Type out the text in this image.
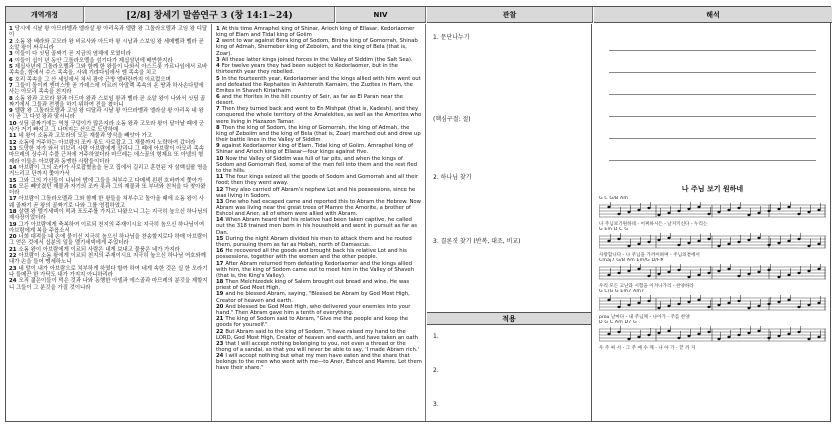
개역개정	[2/8] 창세기 말씀연구 3 (창 14:1~24)	NIV	관찰	해석
1 당시에 시날 왕 아므라벨과 엘라살 왕 아리옥과 엘람 왕 그돌라오멜과 고임 왕 디달이
2 소돔 왕 베라와 고모라 왕 비르사와 아드마 왕 시납과 스보임 왕 세메벨과 벨라 곧 소알 왕이 싸우니라
3 이들이 다 싯딤 골짜기 곧 지금의 염해에 모였더라
4 이들이 십이 년 동안 그돌라오멜을 섬기다가 제십삼년에 배반한지라
5 제십사년에 그돌라오멜과 그와 함께 한 왕들이 나와서 아스드롯 가르나임에서 르바 족속을, 함에서 수스 족속을, 사웨 기랴다임에서 엠 족속을 치고
6 호리 족속을 그 산 세일에서 쳐서 광야 근방 엘바란까지 이르렀으며
7 그들이 돌이켜 엔미스밧 곧 가데스에 이르러 아말렉 족속의 온 땅과 하사손다말에 사는 아모리 족속을 친지라
8 소돔 왕과 고모라 왕과 아드마 왕과 스보임 왕과 벨라 곧 소알 왕이 나와서 싯딤 골짜기에서 그들과 전쟁을 하기 위하여 진을 쳤더니
9 엘람 왕 그돌라오멜과 고임 왕 디달과 시날 왕 아므라벨과 엘라살 왕 아리옥 네 왕이 곧 그 다섯 왕과 맞서니라
10 싯딤 골짜기에는 역청 구덩이가 많은지라 소돔 왕과 고모라 왕이 달아날 때에 군사가 거기 빠지고 그 나머지는 산으로 도망하매
11 네 왕이 소돔과 고모라의 모든 재물과 양식을 빼앗아 가고
12 소돔에 거주하는 아브람의 조카 롯도 사로잡고 그 재물까지 노략하여 갔더라
13 도망한 자가 와서 히브리 사람 아브람에게 알리니 그 때에 아브람이 아모리 족속 마므레의 상수리 수풀 근처에 거주하였더라 마므레는 에스골의 형제요 또 아넬의 형제라 이들은 아브람과 동맹한 사람들이더라
14 아브람이 그의 조카가 사로잡혔음을 듣고 집에서 길리고 훈련된 자 삼백십팔 명을 거느리고 단까지 쫓아가서
15 그와 그의 가신들이 나뉘어 밤에 그들을 쳐부수고 다메섹 왼편 호바까지 쫓아가
16 모든 빼앗겼던 재물과 자기의 조카 롯과 그의 재물과 또 부녀와 친척을 다 찾아왔더라
17 아브람이 그돌라오멜과 그와 함께 한 왕들을 쳐부수고 돌아올 때에 소돔 왕이 사웨 골짜기 곧 왕의 골짜기로 나와 그를 영접하였고
18 살렘 왕 멜기세덱이 떡과 포도주를 가지고 나왔으니 그는 지극히 높으신 하나님의 제사장이었더라
19 그가 아브람에게 축복하여 이르되 천지의 주재이시요 지극히 높으신 하나님이여 아브람에게 복을 주옵소서
20 너희 대적을 네 손에 붙이신 지극히 높으신 하나님을 찬송할지로다 하매 아브람이 그 얻은 것에서 십분의 일을 멜기세덱에게 주었더라
21 소돔 왕이 아브람에게 이르되 사람은 내게 보내고 물품은 네가 가지라
22 아브람이 소돔 왕에게 이르되 천지의 주재이시요 지극히 높으신 하나님 여호와께 내가 손을 들어 맹세하노니
23 네 말이 내가 아브람으로 치부하게 하였다 할까 하여 네게 속한 것은 실 한 오라기나 들메끈 한 가닥도 내가 가지지 아니하리라
24 오직 젊은이들이 먹은 것과 나와 동행한 아넬과 에스골과 마므레의 분깃을 제할지니 그들이 그 분깃을 가질 것이니라
1 At this time Amraphel king of Shinar, Arioch king of Ellasar, Kedorlaomer king of Elam and Tidal king of Goiim
2 went to war against Bera king of Sodom, Birsha king of Gomorrah, Shinab king of Admah, Shemeber king of Zeboiim, and the king of Bela (that is, Zoar).
3 All these latter kings joined forces in the Valley of Siddim (the Salt Sea).
4 For twelve years they had been subject to Kedorlaomer, but in the thirteenth year they rebelled.
5 In the fourteenth year, Kedorlaomer and the kings allied with him went out and defeated the Rephaites in Ashteroth Karnaim, the Zuzites in Ham, the Emites in Shaveh Kiriathaim
6 and the Horites in the hill country of Seir, as far as El Paran near the desert.
7 Then they turned back and went to En Mishpat (that is, Kadesh), and they conquered the whole territory of the Amalekites, as well as the Amorites who were living in Hazazon Tamar.
8 Then the king of Sodom, the king of Gomorrah, the king of Admah, the king of Zeboiim and the king of Bela (that is, Zoar) marched out and drew up their battle lines in the Valley of Siddim
9 against Kedorlaomer king of Elam, Tidal king of Goiim, Amraphel king of Shinar and Arioch king of Ellasar—four kings against five.
10 Now the Valley of Siddim was full of tar pits, and when the kings of Sodom and Gomorrah fled, some of the men fell into them and the rest fled to the hills.
11 The four kings seized all the goods of Sodom and Gomorrah and all their food; then they went away.
12 They also carried off Abram's nephew Lot and his possessions, since he was living in Sodom.
13 One who had escaped came and reported this to Abram the Hebrew. Now Abram was living near the great trees of Mamre the Amorite, a brother of Eshcol and Aner, all of whom were allied with Abram.
14 When Abram heard that his relative had been taken captive, he called out the 318 trained men born in his household and went in pursuit as far as Dan.
15 During the night Abram divided his men to attack them and he routed them, pursuing them as far as Hobah, north of Damascus.
16 He recovered all the goods and brought back his relative Lot and his possessions, together with the women and the other people.
17 After Abram returned from defeating Kedorlaomer and the kings allied with him, the king of Sodom came out to meet him in the Valley of Shaveh (that is, the King's Valley).
18 Then Melchizedek king of Salem brought out bread and wine. He was priest of God Most High,
19 and he blessed Abram, saying, "Blessed be Abram by God Most High, Creator of heaven and earth.
20 And blessed be God Most High, who delivered your enemies into your hand." Then Abram gave him a tenth of everything.
21 The king of Sodom said to Abram, "Give me the people and keep the goods for yourself."
22 But Abram said to the king of Sodom, "I have raised my hand to the LORD, God Most High, Creator of heaven and earth, and have taken an oath
23 that I will accept nothing belonging to you, not even a thread or the thong of a sandal, so that you will never be able to say, 'I made Abram rich.'
24 I will accept nothing but what my men have eaten and the share that belongs to the men who went with me—to Aner, Eshcol and Mamre. Let them have their share."
1. 문단나누기
(핵심구절: 절)
2. 하나님 찾기
3. 결론짓 찾기 (반복, 대조, 비교)
적용
1.
2.
3.
나 주님 보기 원하네
G C G/B Am
나 주님보기원하네 - 어찌하시든 - 날지키신다 - 누리는
G Em D C G
사랑합니다 - 나 주님을 가까이하며 - 주님의곁에서
Cmaj7 G/B Am Em/G D/F#
우리 모든 고난과 시험을 이겨나가리 - 찬양하라
G C/G G Em7 Am7
prou 날마다 - 내 주님께 - 나아가 - 주를 찬양
D G C Am D7 G
우 주 써 서 - 그 주 예 수 께 - 나 아 가 - 끝 까 지
